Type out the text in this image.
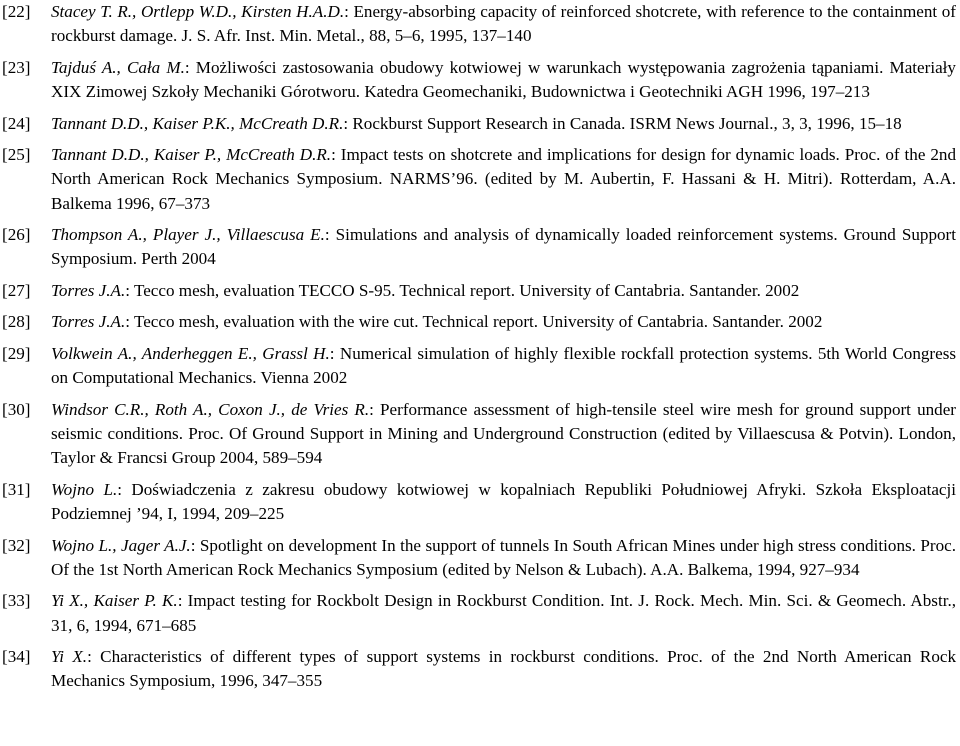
[22] Stacey T. R., Ortlepp W.D., Kirsten H.A.D.: Energy-absorbing capacity of reinforced shotcrete, with reference to the containment of rockburst damage. J. S. Afr. Inst. Min. Metal., 88, 5–6, 1995, 137–140
[23] Tajduś A., Cała M.: Możliwości zastosowania obudowy kotwiowej w warunkach występowania zagrożenia tąpaniami. Materiały XIX Zimowej Szkoły Mechaniki Górotworu. Katedra Geomechaniki, Budownictwa i Geotechniki AGH 1996, 197–213
[24] Tannant D.D., Kaiser P.K., McCreath D.R.: Rockburst Support Research in Canada. ISRM News Journal., 3, 3, 1996, 15–18
[25] Tannant D.D., Kaiser P., McCreath D.R.: Impact tests on shotcrete and implications for design for dynamic loads. Proc. of the 2nd North American Rock Mechanics Symposium. NARMS’96. (edited by M. Aubertin, F. Hassani & H. Mitri). Rotterdam, A.A. Balkema 1996, 67–373
[26] Thompson A., Player J., Villaescusa E.: Simulations and analysis of dynamically loaded reinforcement systems. Ground Support Symposium. Perth 2004
[27] Torres J.A.: Tecco mesh, evaluation TECCO S-95. Technical report. University of Cantabria. Santander. 2002
[28] Torres J.A.: Tecco mesh, evaluation with the wire cut. Technical report. University of Cantabria. Santander. 2002
[29] Volkwein A., Anderheggen E., Grassl H.: Numerical simulation of highly flexible rockfall protection systems. 5th World Congress on Computational Mechanics. Vienna 2002
[30] Windsor C.R., Roth A., Coxon J., de Vries R.: Performance assessment of high-tensile steel wire mesh for ground support under seismic conditions. Proc. Of Ground Support in Mining and Underground Construction (edited by Villaescusa & Potvin). London, Taylor & Francsi Group 2004, 589–594
[31] Wojno L.: Doświadczenia z zakresu obudowy kotwiowej w kopalniach Republiki Południowej Afryki. Szkoła Eksploatacji Podziemnej ’94, I, 1994, 209–225
[32] Wojno L., Jager A.J.: Spotlight on development In the support of tunnels In South African Mines under high stress conditions. Proc. Of the 1st North American Rock Mechanics Symposium (edited by Nelson & Lubach). A.A. Balkema, 1994, 927–934
[33] Yi X., Kaiser P. K.: Impact testing for Rockbolt Design in Rockburst Condition. Int. J. Rock. Mech. Min. Sci. & Geomech. Abstr., 31, 6, 1994, 671–685
[34] Yi X.: Characteristics of different types of support systems in rockburst conditions. Proc. of the 2nd North American Rock Mechanics Symposium, 1996, 347–355
